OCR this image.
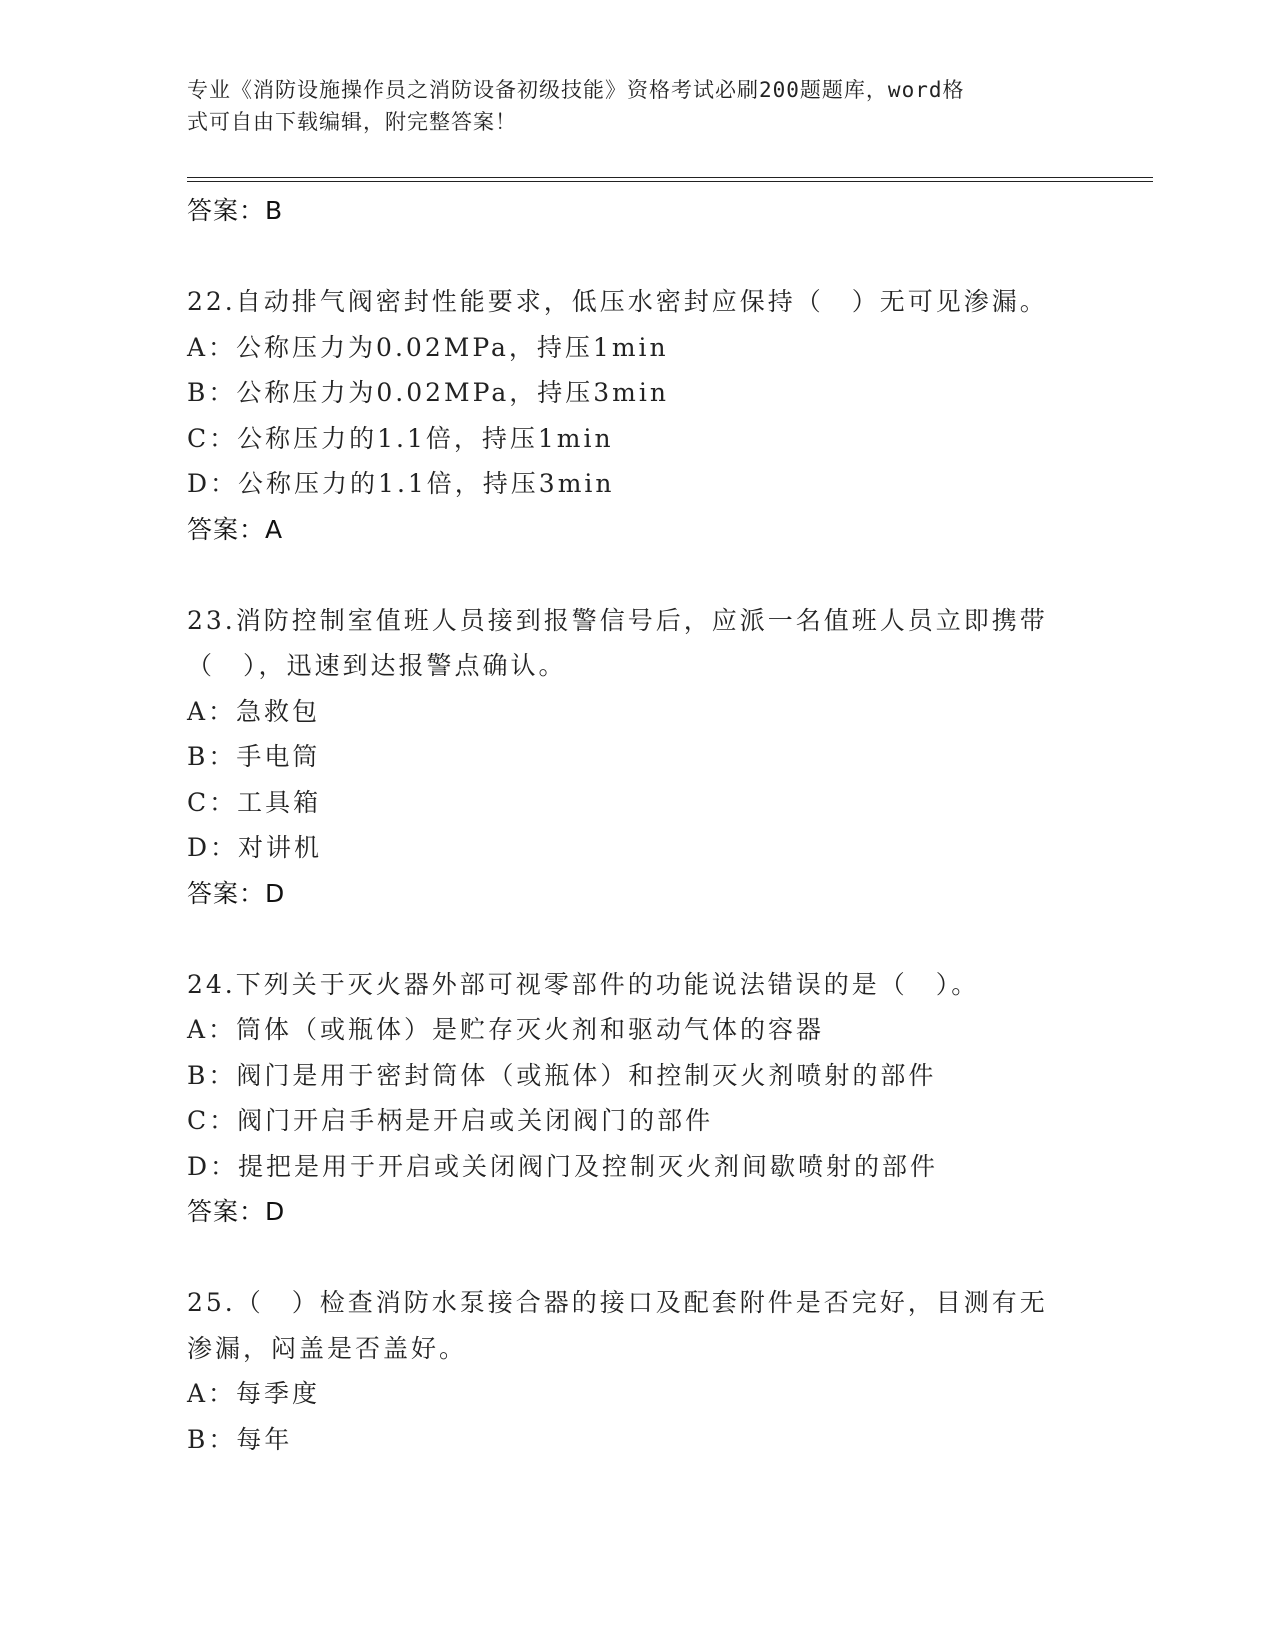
专业《消防设施操作员之消防设备初级技能》资格考试必刷200题题库，word格
式可自由下载编辑，附完整答案！
答案：B
22.自动排气阀密封性能要求，低压水密封应保持（　）无可见渗漏。
A：公称压力为0.02MPa，持压1min
B：公称压力为0.02MPa，持压3min
C：公称压力的1.1倍，持压1min
D：公称压力的1.1倍，持压3min
答案：A
23.消防控制室值班人员接到报警信号后，应派一名值班人员立即携带
（　），迅速到达报警点确认。
A：急救包
B：手电筒
C：工具箱
D：对讲机
答案：D
24.下列关于灭火器外部可视零部件的功能说法错误的是（　）。
A：筒体（或瓶体）是贮存灭火剂和驱动气体的容器
B：阀门是用于密封筒体（或瓶体）和控制灭火剂喷射的部件
C：阀门开启手柄是开启或关闭阀门的部件
D：提把是用于开启或关闭阀门及控制灭火剂间歇喷射的部件
答案：D
25.（　）检查消防水泵接合器的接口及配套附件是否完好，目测有无
渗漏，闷盖是否盖好。
A：每季度
B：每年
